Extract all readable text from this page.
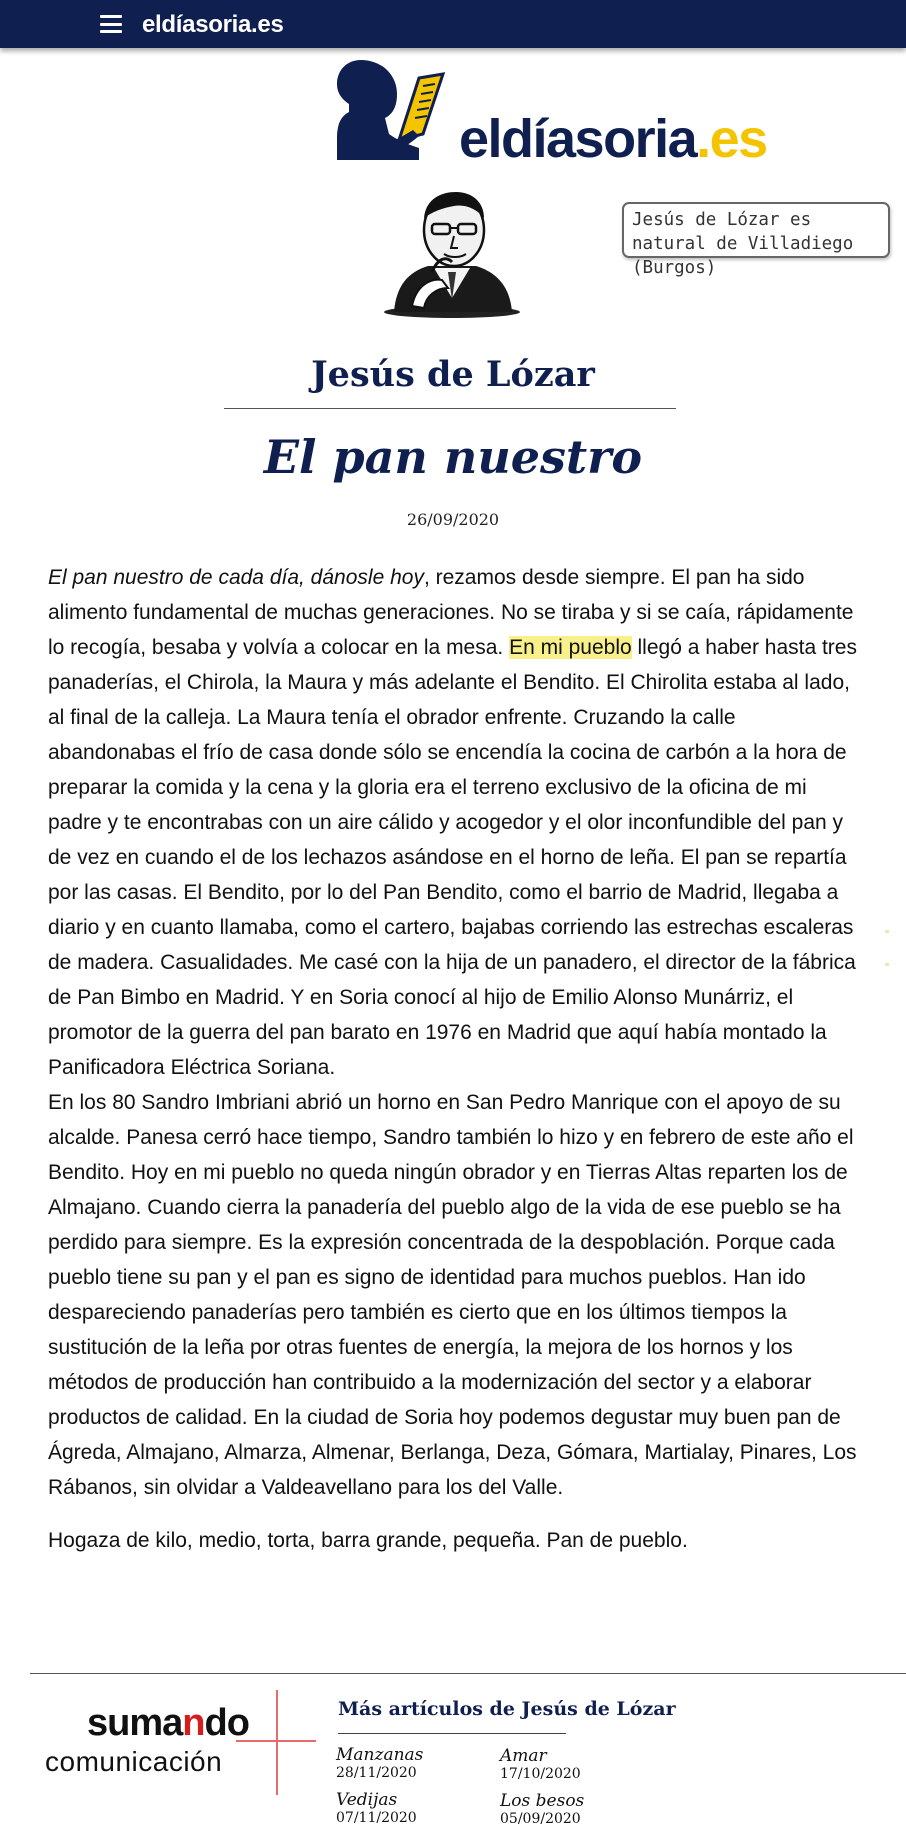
eldíasoria.es
eldíasoria.es
Jesús de Lózar es natural de Villadiego (Burgos)
Jesús de Lózar
El pan nuestro
26/09/2020

El pan nuestro de cada día, dánosle hoy, rezamos desde siempre. El pan ha sido alimento fundamental de muchas generaciones. No se tiraba y si se caía, rápidamente lo recogía, besaba y volvía a colocar en la mesa. En mi pueblo llegó a haber hasta tres panaderías, el Chirola, la Maura y más adelante el Bendito. El Chirolita estaba al lado, al final de la calleja. La Maura tenía el obrador enfrente. Cruzando la calle abandonabas el frío de casa donde sólo se encendía la cocina de carbón a la hora de preparar la comida y la cena y la gloria era el terreno exclusivo de la oficina de mi padre y te encontrabas con un aire cálido y acogedor y el olor inconfundible del pan y de vez en cuando el de los lechazos asándose en el horno de leña. El pan se repartía por las casas. El Bendito, por lo del Pan Bendito, como el barrio de Madrid, llegaba a diario y en cuanto llamaba, como el cartero, bajabas corriendo las estrechas escaleras de madera. Casualidades. Me casé con la hija de un panadero, el director de la fábrica de Pan Bimbo en Madrid. Y en Soria conocí al hijo de Emilio Alonso Munárriz, el promotor de la guerra del pan barato en 1976 en Madrid que aquí había montado la Panificadora Eléctrica Soriana.

En los 80 Sandro Imbriani abrió un horno en San Pedro Manrique con el apoyo de su alcalde. Panesa cerró hace tiempo, Sandro también lo hizo y en febrero de este año el Bendito. Hoy en mi pueblo no queda ningún obrador y en Tierras Altas reparten los de Almajano. Cuando cierra la panadería del pueblo algo de la vida de ese pueblo se ha perdido para siempre. Es la expresión concentrada de la despoblación. Porque cada pueblo tiene su pan y el pan es signo de identidad para muchos pueblos. Han ido despareciendo panaderías pero también es cierto que en los últimos tiempos la sustitución de la leña por otras fuentes de energía, la mejora de los hornos y los métodos de producción han contribuido a la modernización del sector y a elaborar productos de calidad. En la ciudad de Soria hoy podemos degustar muy buen pan de Ágreda, Almajano, Almarza, Almenar, Berlanga, Deza, Gómara, Martialay, Pinares, Los Rábanos, sin olvidar a Valdeavellano para los del Valle.

Hogaza de kilo, medio, torta, barra grande, pequeña. Pan de pueblo.

sumando
comunicación
Más artículos de Jesús de Lózar
Manzanas
28/11/2020
Amar
17/10/2020
Vedijas
07/11/2020
Los besos
05/09/2020
